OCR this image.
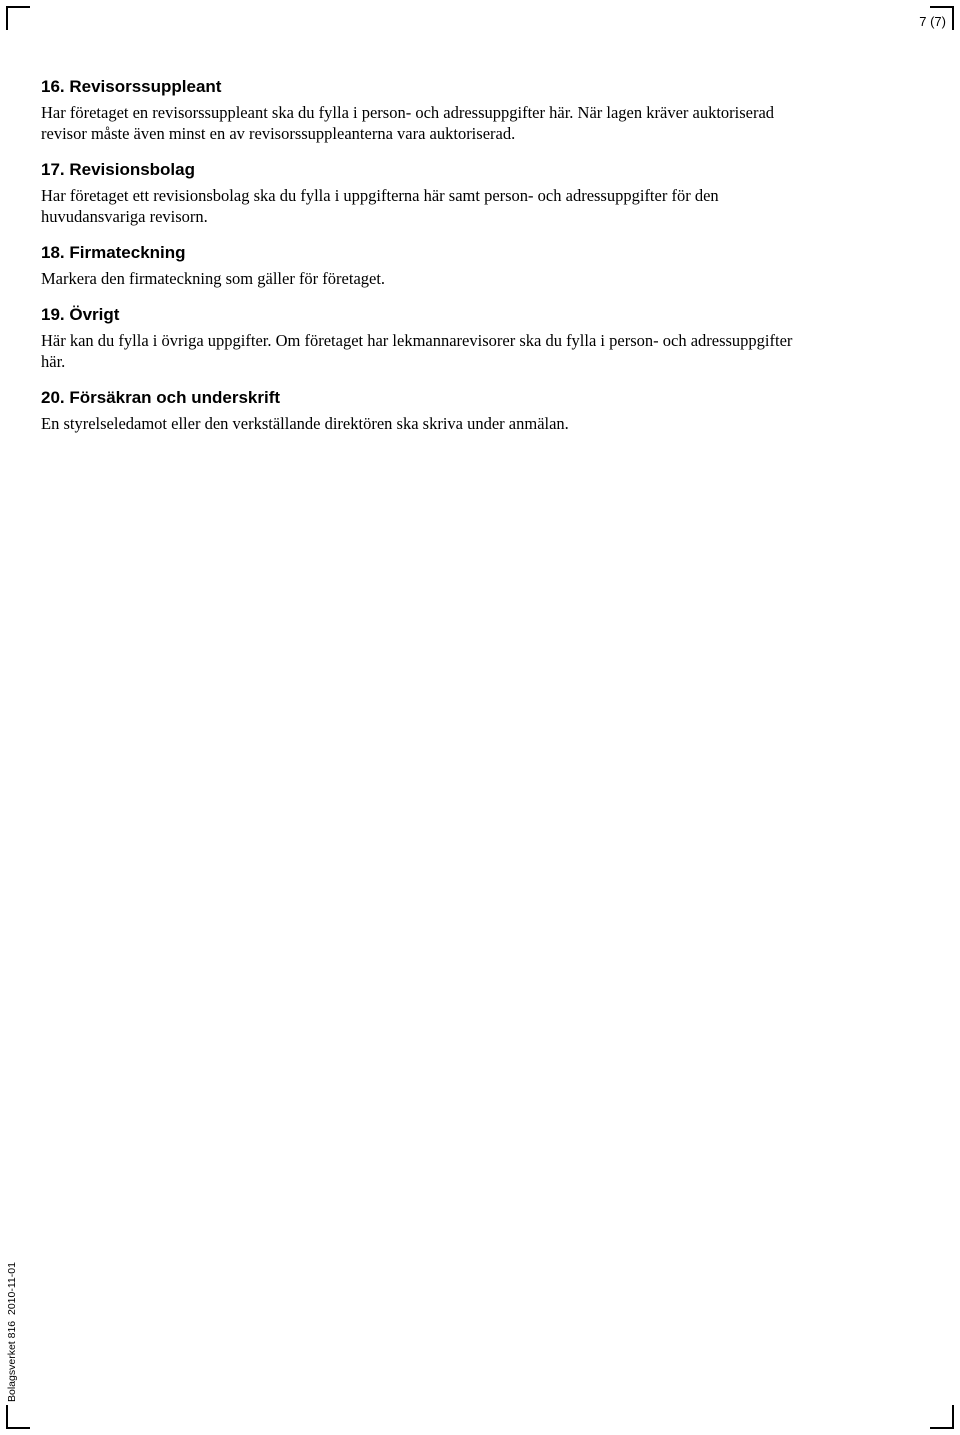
7 (7)
Bolagsverket 816
2010-11-01
16. Revisorssuppleant

Har företaget en revisorssuppleant ska du fylla i person- och adressuppgifter här. När lagen kräver auktoriserad revisor måste även minst en av revisorssuppleanterna vara auktoriserad.

17. Revisionsbolag

Har företaget ett revisionsbolag ska du fylla i uppgifterna här samt person- och adressuppgifter för den huvudansvariga revisorn.

18. Firmateckning

Markera den firmateckning som gäller för företaget.

19. Övrigt

Här kan du fylla i övriga uppgifter. Om företaget har lekmannarevisorer ska du fylla i person- och adressuppgifter här.

20. Försäkran och underskrift

En styrelseledamot eller den verkställande direktören ska skriva under anmälan.
